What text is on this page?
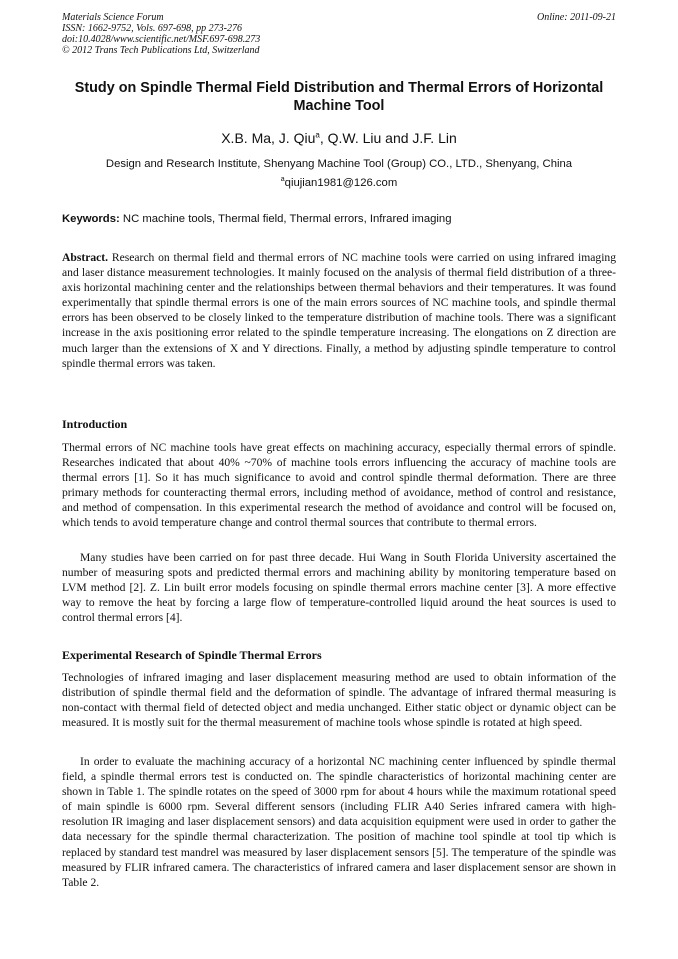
Materials Science Forum
ISSN: 1662-9752, Vols. 697-698, pp 273-276
doi:10.4028/www.scientific.net/MSF.697-698.273
© 2012 Trans Tech Publications Ltd, Switzerland
Online: 2011-09-21
Study on Spindle Thermal Field Distribution and Thermal Errors of Horizontal Machine Tool
X.B. Ma, J. Qiu$^a$, Q.W. Liu and J.F. Lin
Design and Research Institute, Shenyang Machine Tool (Group) CO., LTD., Shenyang, China
$^a$qiujian1981@126.com
Keywords: NC machine tools, Thermal field, Thermal errors, Infrared imaging

Abstract. Research on thermal field and thermal errors of NC machine tools were carried on using infrared imaging and laser distance measurement technologies. It mainly focused on the analysis of thermal field distribution of a three-axis horizontal machining center and the relationships between thermal behaviors and their temperatures. It was found experimentally that spindle thermal errors is one of the main errors sources of NC machine tools, and spindle thermal errors has been observed to be closely linked to the temperature distribution of machine tools. There was a significant increase in the axis positioning error related to the spindle temperature increasing. The elongations on Z direction are much larger than the extensions of X and Y directions. Finally, a method by adjusting spindle temperature to control spindle thermal errors was taken.

Introduction

Thermal errors of NC machine tools have great effects on machining accuracy, especially thermal errors of spindle. Researches indicated that about 40% ~70% of machine tools errors influencing the accuracy of machine tools are thermal errors [1]. So it has much significance to avoid and control spindle thermal deformation. There are three primary methods for counteracting thermal errors, including method of avoidance, method of control and resistance, and method of compensation. In this experimental research the method of avoidance and control will be focused on, which tends to avoid temperature change and control thermal sources that contribute to thermal errors.

Many studies have been carried on for past three decade. Hui Wang in South Florida University ascertained the number of measuring spots and predicted thermal errors and machining ability by monitoring temperature based on LVM method [2]. Z. Lin built error models focusing on spindle thermal errors machine center [3]. A more effective way to remove the heat by forcing a large flow of temperature-controlled liquid around the heat sources is used to control thermal errors [4].

Experimental Research of Spindle Thermal Errors

Technologies of infrared imaging and laser displacement measuring method are used to obtain information of the distribution of spindle thermal field and the deformation of spindle. The advantage of infrared thermal measuring is non-contact with thermal field of detected object and media unchanged. Either static object or dynamic object can be measured. It is mostly suit for the thermal measurement of machine tools whose spindle is rotated at high speed.

In order to evaluate the machining accuracy of a horizontal NC machining center influenced by spindle thermal field, a spindle thermal errors test is conducted on. The spindle characteristics of horizontal machining center are shown in Table 1. The spindle rotates on the speed of 3000 rpm for about 4 hours while the maximum rotational speed of main spindle is 6000 rpm. Several different sensors (including FLIR A40 Series infrared camera with high-resolution IR imaging and laser displacement sensors) and data acquisition equipment were used in order to gather the data necessary for the spindle thermal characterization. The position of machine tool spindle at tool tip which is replaced by standard test mandrel was measured by laser displacement sensors [5]. The temperature of the spindle was measured by FLIR infrared camera. The characteristics of infrared camera and laser displacement sensor are shown in Table 2.
